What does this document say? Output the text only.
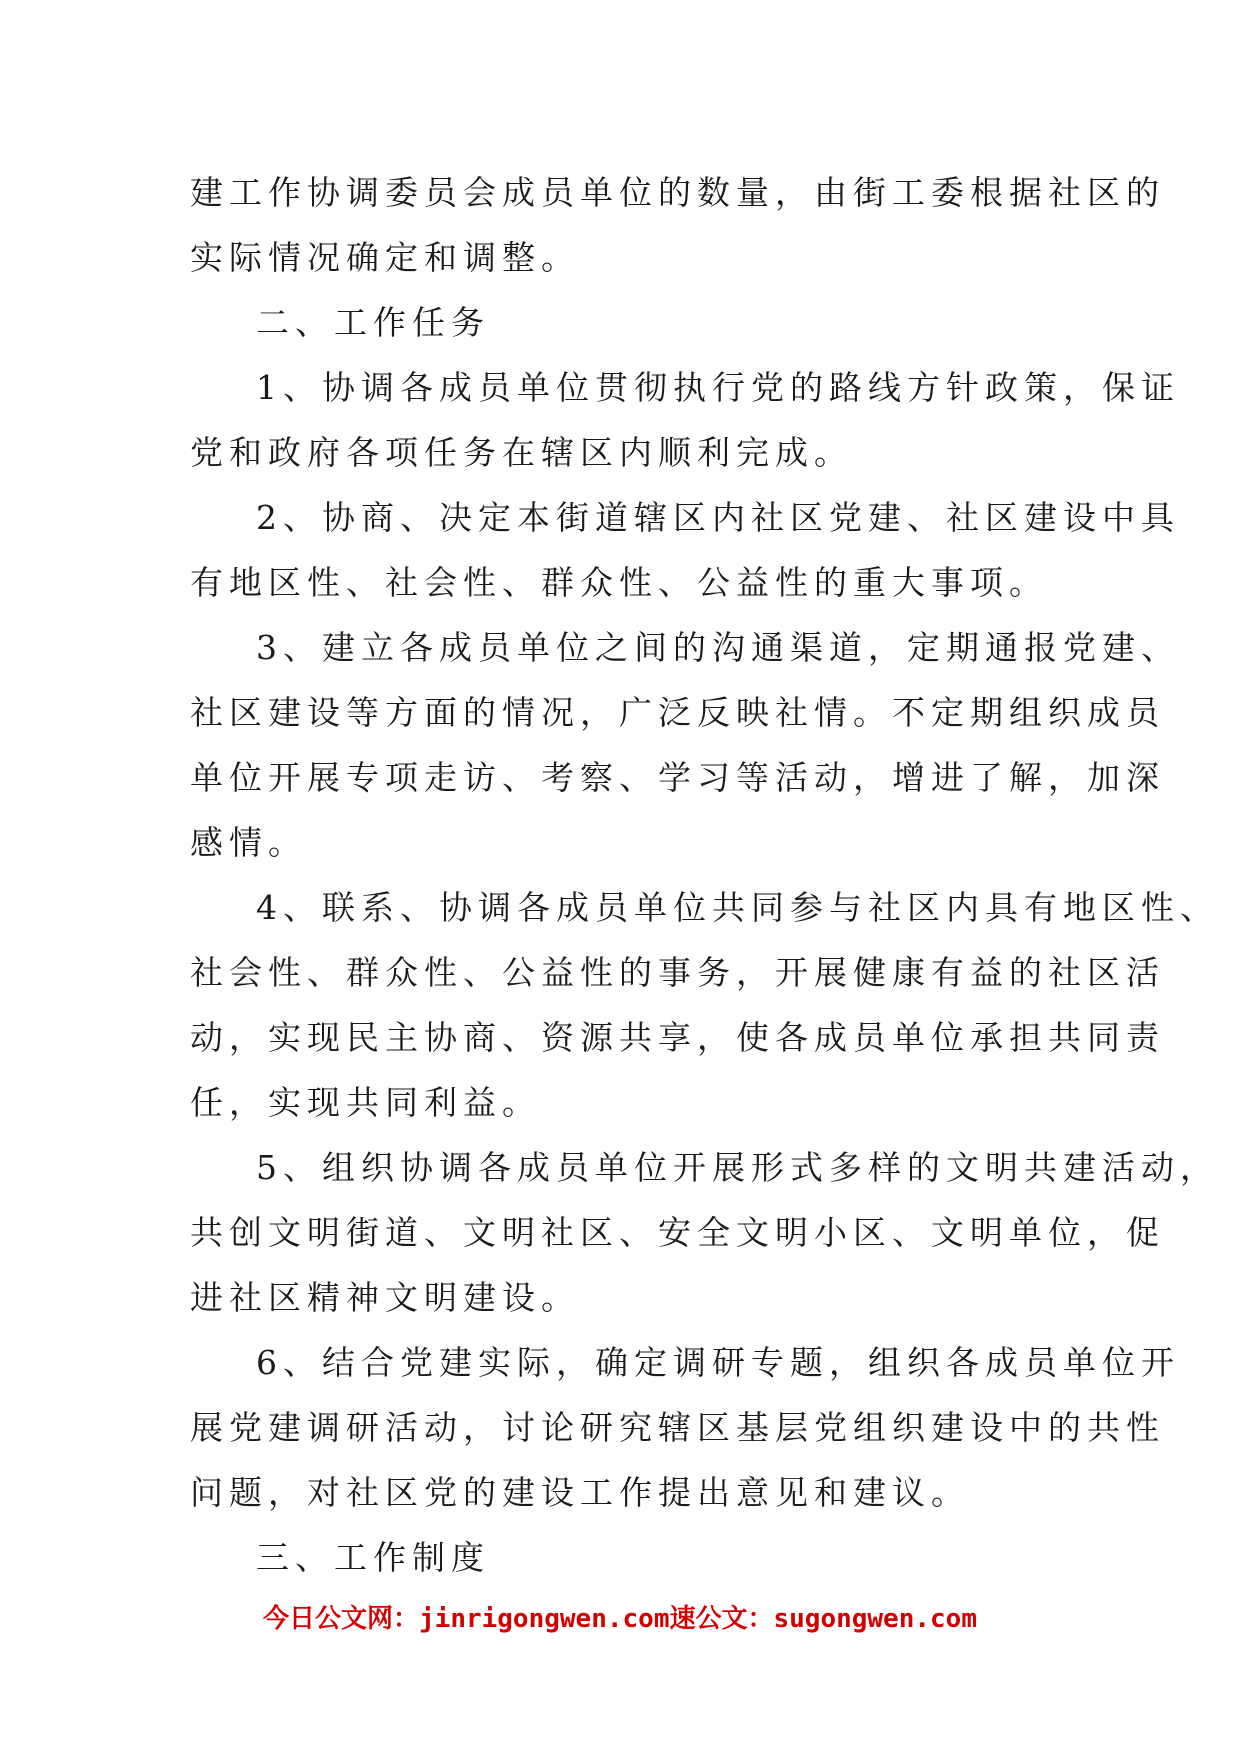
建工作协调委员会成员单位的数量，由街工委根据社区的
实际情况确定和调整。
二、工作任务
1、协调各成员单位贯彻执行党的路线方针政策，保证
党和政府各项任务在辖区内顺利完成。
2、协商、决定本街道辖区内社区党建、社区建设中具
有地区性、社会性、群众性、公益性的重大事项。
3、建立各成员单位之间的沟通渠道，定期通报党建、
社区建设等方面的情况，广泛反映社情。不定期组织成员
单位开展专项走访、考察、学习等活动，增进了解，加深
感情。
4、联系、协调各成员单位共同参与社区内具有地区性、
社会性、群众性、公益性的事务，开展健康有益的社区活
动，实现民主协商、资源共享，使各成员单位承担共同责
任，实现共同利益。
5、组织协调各成员单位开展形式多样的文明共建活动，
共创文明街道、文明社区、安全文明小区、文明单位，促
进社区精神文明建设。
6、结合党建实际，确定调研专题，组织各成员单位开
展党建调研活动，讨论研究辖区基层党组织建设中的共性
问题，对社区党的建设工作提出意见和建议。
三、工作制度
今日公文网：jinrigongwen.com速公文：sugongwen.com
